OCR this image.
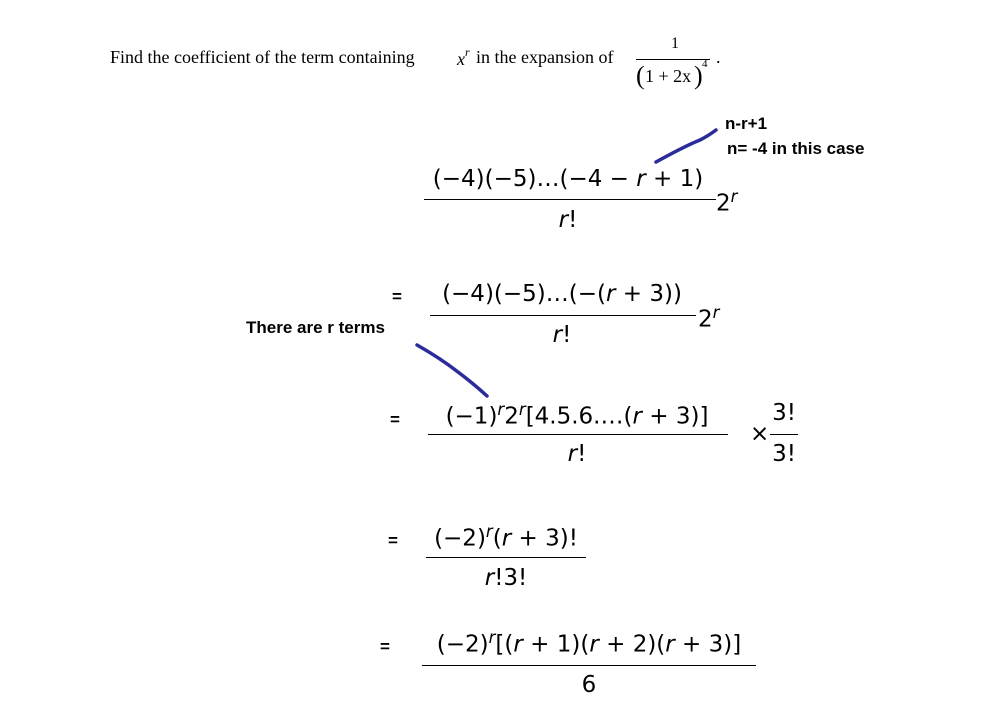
Find the coefficient of the term containing $x^r$ in the expansion of
1
( 1 + 2x ) 4 .
n-r+1
n= -4 in this case
There are r terms
(−4)(−5)…(−4 − r + 1)
r!
$2^r$
=	(−4)(−5)…(−(r + 3))
r!
$2^r$
=	$(-1)^r2^r[4.5.6.\dots(r + 3)]$
r!
×
3!
3!
=	$(-2)^r(r + 3)$!
r!3!
=	$(-2)^r[(r + 1)(r + 2)(r + 3)]$
6
